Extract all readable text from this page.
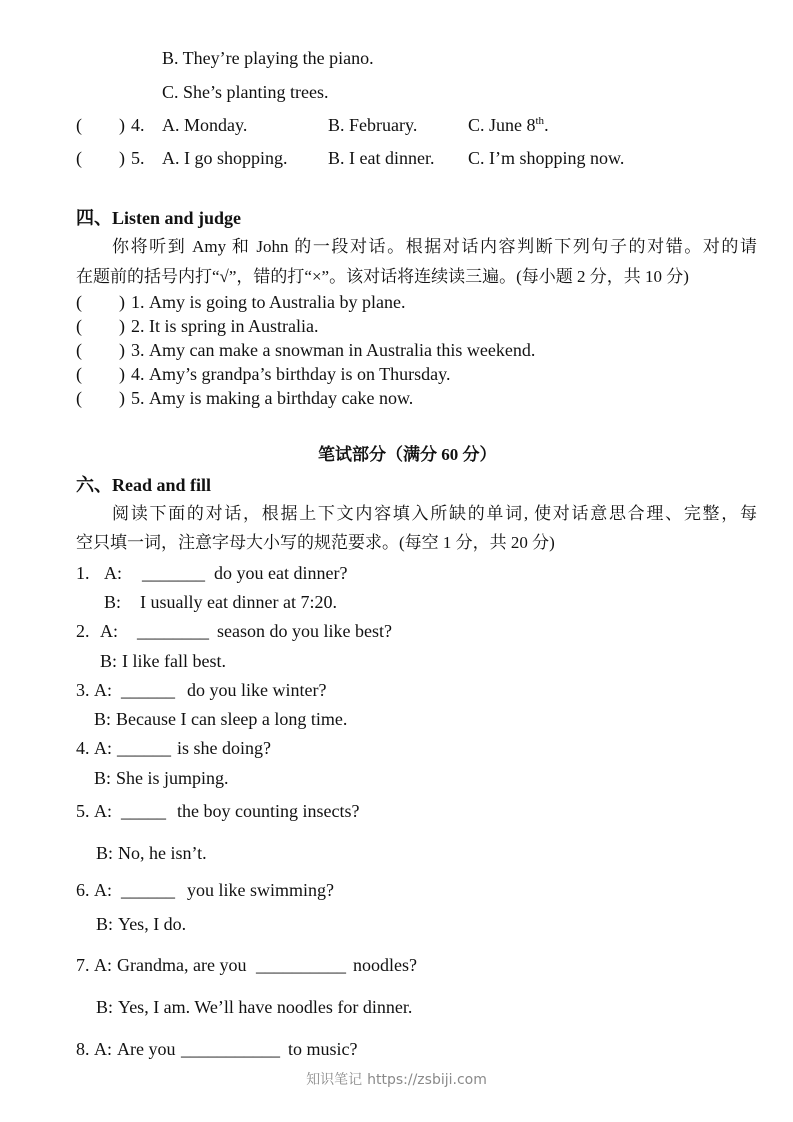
B. They’re playing the piano.
C. She’s planting trees.
( ) 4. A. Monday.	B. February.	C. June 8th.
( ) 5. A. I go shopping. B. I eat dinner. C. I’m shopping now.
四、Listen and judge
你将听到 Amy 和 John 的一段对话。根据对话内容判断下列句子的对错。对的请
在题前的括号内打“√”，错的打“×”。该对话将连续读三遍。(每小题 2 分，共 10 分)
( ) 1. Amy is going to Australia by plane.
( ) 2. It is spring in Australia.
( ) 3. Amy can make a snowman in Australia this weekend.
( ) 4. Amy’s grandpa’s birthday is on Thursday.
( ) 5. Amy is making a birthday cake now.
笔试部分（满分 60 分）
六、Read and fill
阅读下面的对话，根据上下文内容填入所缺的单词, 使对话意思合理、完整，每
空只填一词，注意字母大小写的规范要求。(每空 1 分，共 20 分)
1. A: _______ do you eat dinner?
B: I usually eat dinner at 7:20.
2. A: ________ season do you like best?
B: I like fall best.
3. A: ______ do you like winter?
B: Because I can sleep a long time.
4. A: ______ is she doing?
B: She is jumping.
5. A: _____ the boy counting insects?
B: No, he isn’t.
6. A: ______ you like swimming?
B: Yes, I do.
7. A: Grandma, are you __________ noodles?
B: Yes, I am. We’ll have noodles for dinner.
8. A: Are you ___________ to music?
知识笔记 https://zsbiji.com
